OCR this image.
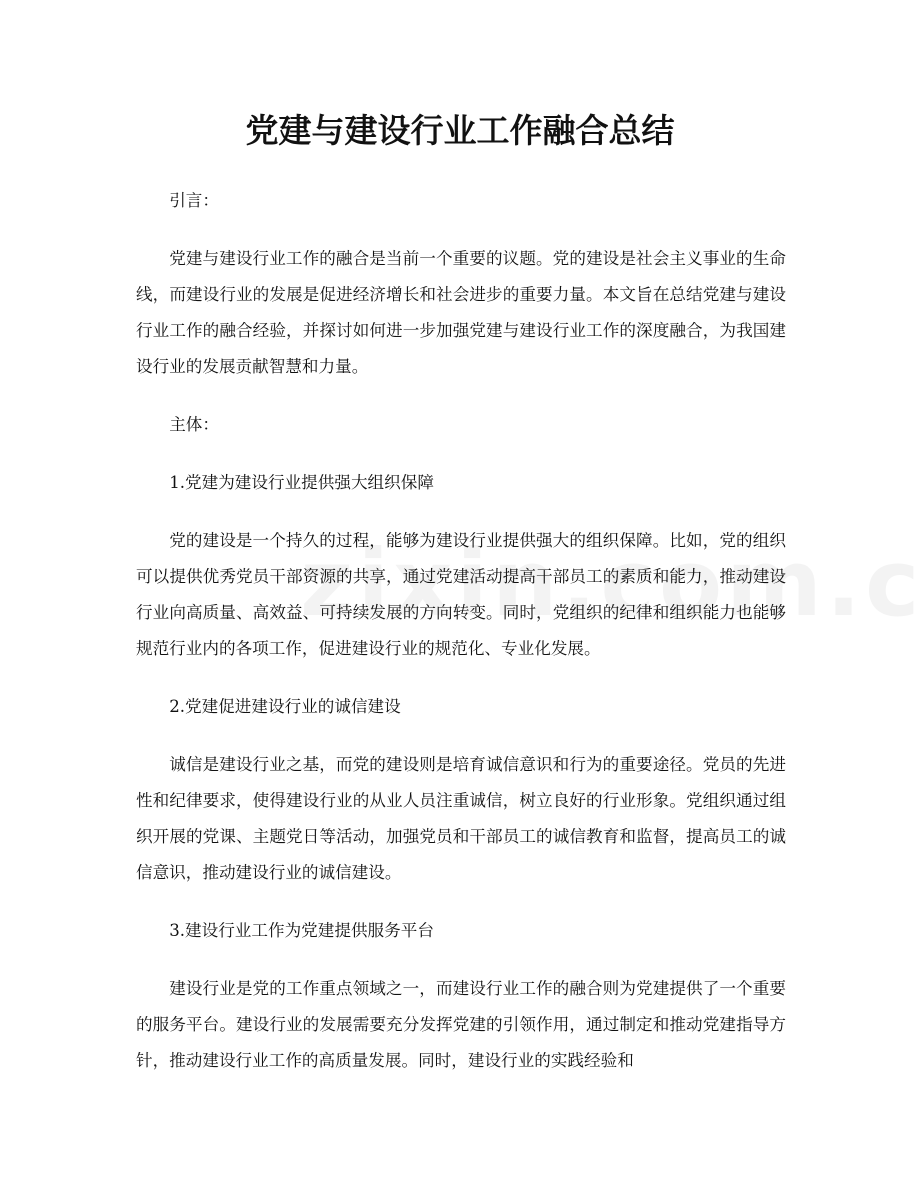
党建与建设行业工作融合总结

引言：

党建与建设行业工作的融合是当前一个重要的议题。党的建设是社会主义事业的生命线，而建设行业的发展是促进经济增长和社会进步的重要力量。本文旨在总结党建与建设行业工作的融合经验，并探讨如何进一步加强党建与建设行业工作的深度融合，为我国建设行业的发展贡献智慧和力量。

主体：

1.党建为建设行业提供强大组织保障

党的建设是一个持久的过程，能够为建设行业提供强大的组织保障。比如，党的组织可以提供优秀党员干部资源的共享，通过党建活动提高干部员工的素质和能力，推动建设行业向高质量、高效益、可持续发展的方向转变。同时，党组织的纪律和组织能力也能够规范行业内的各项工作，促进建设行业的规范化、专业化发展。

2.党建促进建设行业的诚信建设

诚信是建设行业之基，而党的建设则是培育诚信意识和行为的重要途径。党员的先进性和纪律要求，使得建设行业的从业人员注重诚信，树立良好的行业形象。党组织通过组织开展的党课、主题党日等活动，加强党员和干部员工的诚信教育和监督，提高员工的诚信意识，推动建设行业的诚信建设。

3.建设行业工作为党建提供服务平台

建设行业是党的工作重点领域之一，而建设行业工作的融合则为党建提供了一个重要的服务平台。建设行业的发展需要充分发挥党建的引领作用，通过制定和推动党建指导方针，推动建设行业工作的高质量发展。同时，建设行业的实践经验和
